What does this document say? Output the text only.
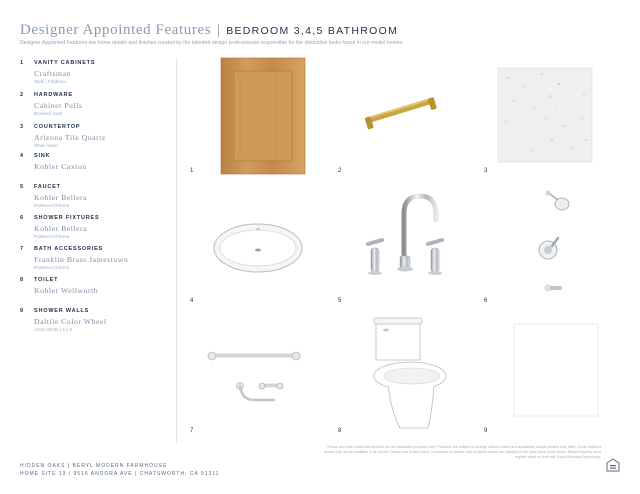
Designer Appointed Features | BEDROOM 3,4,5 BATHROOM
Designer Appointed Features are home details and finishes curated by the talented design professionals responsible for the distinctive looks found in our model homes.
1 VANITY CABINETS
Craftsman
Style | Fabbrica
2 HARDWARE
Cabinet Pulls
Brushed Gold
3 COUNTERTOP
Arizona Tile Quartz
White Sand
4 SINK
Kohler Caxton
5 FAUCET
Kohler Bellera
Polished Chrome
6 SHOWER FIXTURES
Kohler Bellera
Polished Chrome
7 BATH ACCESSORIES
Franklin Brass Jamestown
Polished Chrome
8 TOILET
Kohler Wellworth
9 SHOWER WALLS
Daltile Color Wheel
Arctic White | 4 x 6
1	2	3
4	5	6
7	8	9
HIDDEN OAKS | BERYL MODERN FARMHOUSE
HOME SITE 13 | 9516 ANDORA AVE | CHATSWORTH, CA 91311
Photos and other materials depicted are for illustrative purposes only. Products are subject to change without notice and availability. Actual product may differ. Some features shown may not be available in all homes. Please see a New Home Consultant for details. Not all items shown are included in the base price of the home. Brokers/Agents must register client on first visit. Equal Housing Opportunity.
